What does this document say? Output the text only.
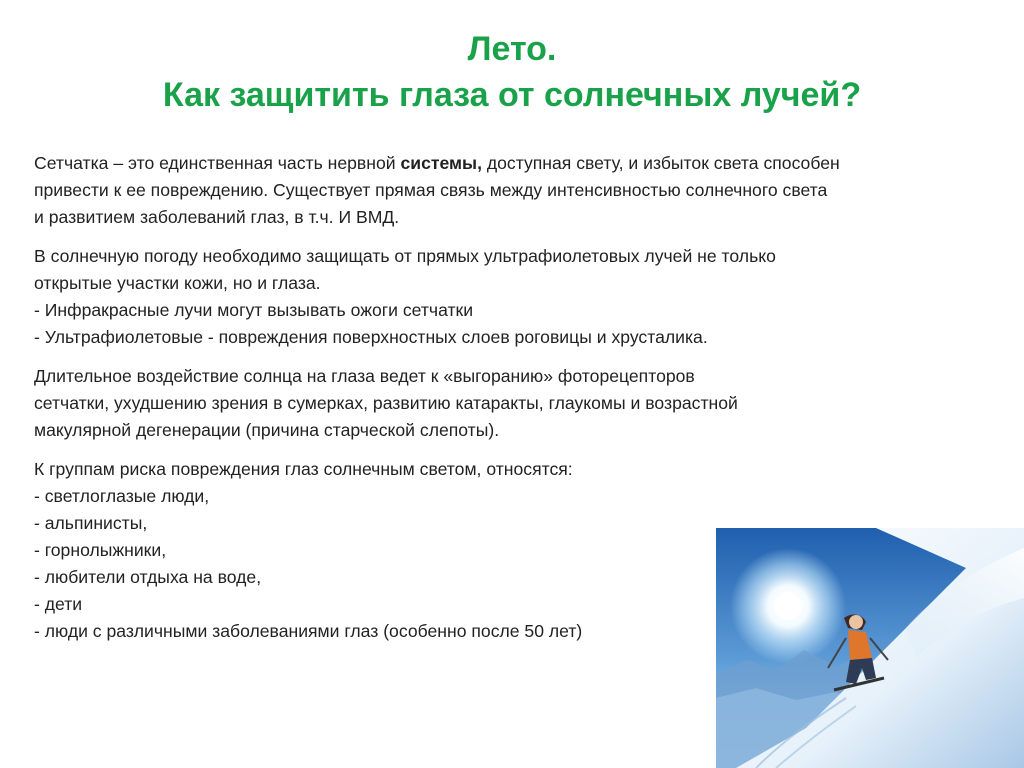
Лето.
Как защитить глаза от солнечных лучей?
Сетчатка – это единственная часть нервной системы, доступная свету, и избыток света способен
привести к ее повреждению. Существует прямая связь между интенсивностью солнечного света
и развитием заболеваний глаз, в т.ч. И ВМД.
В солнечную погоду необходимо защищать от прямых ультрафиолетовых лучей не только
открытые участки кожи, но и глаза.
- Инфракрасные лучи могут вызывать ожоги сетчатки
- Ультрафиолетовые - повреждения поверхностных слоев роговицы и хрусталика.
Длительное воздействие солнца на глаза ведет к «выгоранию» фоторецепторов
сетчатки, ухудшению зрения в сумерках, развитию катаракты, глаукомы и возрастной
макулярной дегенерации (причина старческой слепоты).
К группам риска повреждения глаз солнечным светом, относятся:
- светлоглазые люди,
- альпинисты,
- горнолыжники,
- любители отдыха на воде,
- дети
- люди с различными заболеваниями глаз (особенно после 50 лет)
